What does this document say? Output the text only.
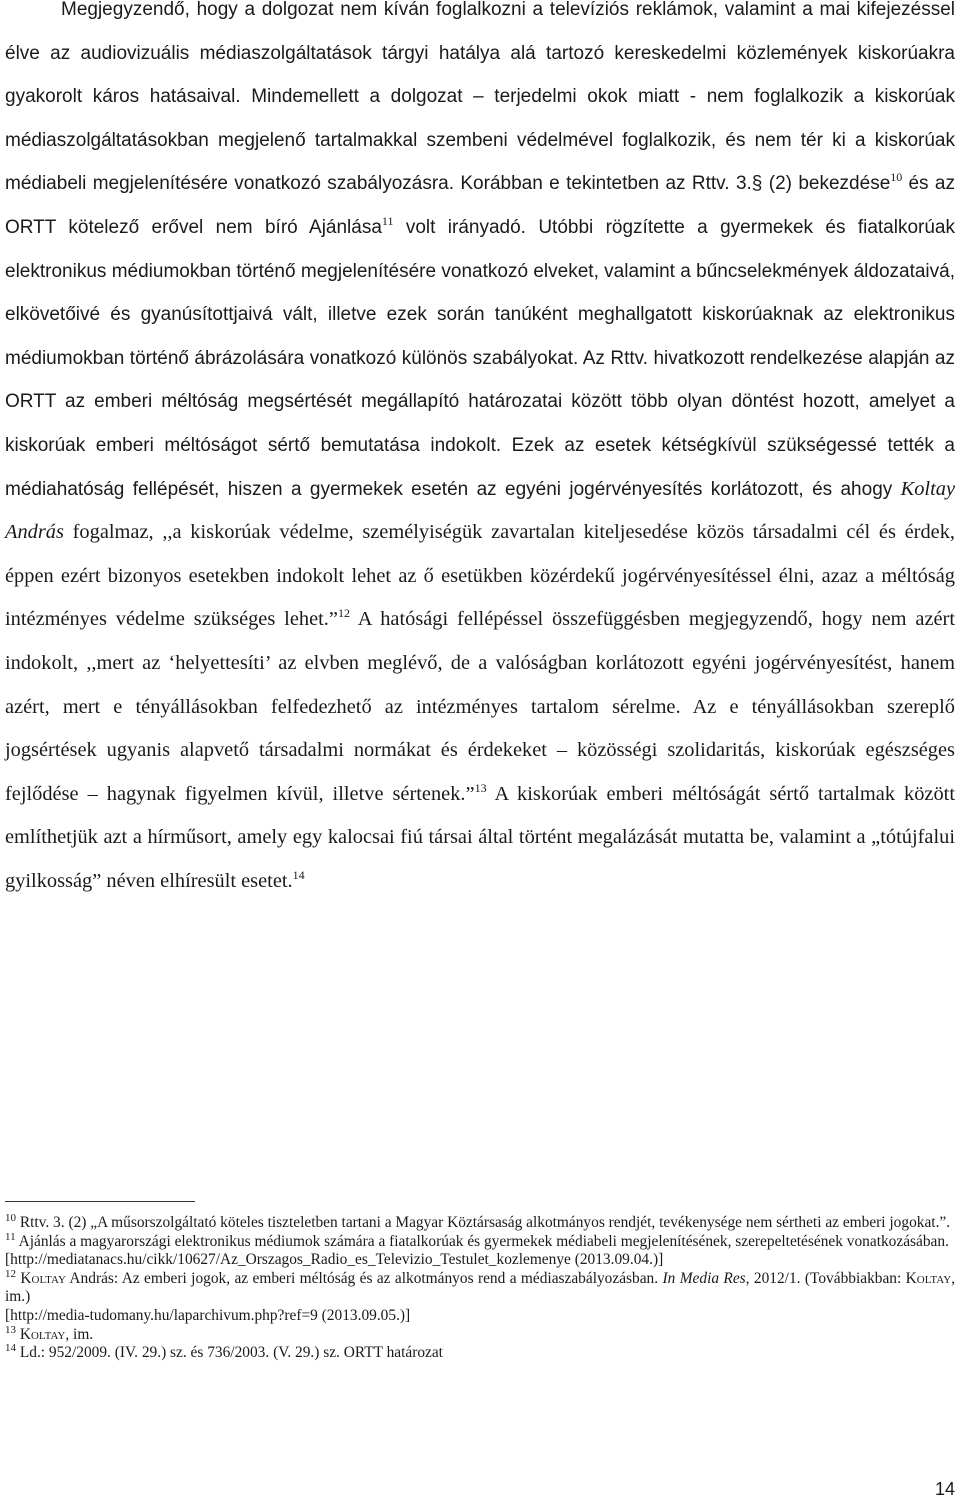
Megjegyzendő, hogy a dolgozat nem kíván foglalkozni a televíziós reklámok, valamint a mai kifejezéssel élve az audiovizuális médiaszolgáltatások tárgyi hatálya alá tartozó kereskedelmi közlemények kiskorúakra gyakorolt káros hatásaival. Mindemellett a dolgozat – terjedelmi okok miatt - nem foglalkozik a kiskorúak médiaszolgáltatásokban megjelenő tartalmakkal szembeni védelmével foglalkozik, és nem tér ki a kiskorúak médiabeli megjelenítésére vonatkozó szabályozásra. Korábban e tekintetben az Rttv. 3.§ (2) bekezdése$^{10}$ és az ORTT kötelező erővel nem bíró Ajánlása$^{11}$ volt irányadó. Utóbbi rögzítette a gyermekek és fiatalkorúak elektronikus médiumokban történő megjelenítésére vonatkozó elveket, valamint a bűncselekmények áldozataivá, elkövetőivé és gyanúsítottjaivá vált, illetve ezek során tanúként meghallgatott kiskorúaknak az elektronikus médiumokban történő ábrázolására vonatkozó különös szabályokat. Az Rttv. hivatkozott rendelkezése alapján az ORTT az emberi méltóság megsértését megállapító határozatai között több olyan döntést hozott, amelyet a kiskorúak emberi méltóságot sértő bemutatása indokolt. Ezek az esetek kétségkívül szükségessé tették a médiahatóság fellépését, hiszen a gyermekek esetén az egyéni jogérvényesítés korlátozott, és ahogy Koltay András fogalmaz, ,,a kiskorúak védelme, személyiségük zavartalan kiteljesedése közös társadalmi cél és érdek, éppen ezért bizonyos esetekben indokolt lehet az ő esetükben közérdekű jogérvényesítéssel élni, azaz a méltóság intézményes védelme szükséges lehet.”$^{12}$ A hatósági fellépéssel összefüggésben megjegyzendő, hogy nem azért indokolt, ,,mert az ‘helyettesíti’ az elvben meglévő, de a valóságban korlátozott egyéni jogérvényesítést, hanem azért, mert e tényállásokban felfedezhető az intézményes tartalom sérelme. Az e tényállásokban szereplő jogsértések ugyanis alapvető társadalmi normákat és érdekeket – közösségi szolidaritás, kiskorúak egészséges fejlődése – hagynak figyelmen kívül, illetve sértenek.”$^{13}$ A kiskorúak emberi méltóságát sértő tartalmak között említhetjük azt a hírműsort, amely egy kalocsai fiú társai által történt megalázását mutatta be, valamint a „tótújfalui gyilkosság” néven elhíresült esetet.$^{14}$

$^{10}$ Rttv. 3. (2) „A műsorszolgáltató köteles tiszteletben tartani a Magyar Köztársaság alkotmányos rendjét, tevékenysége nem sértheti az emberi jogokat.”.

$^{11}$ Ajánlás a magyarországi elektronikus médiumok számára a fiatalkorúak és gyermekek médiabeli megjelenítésének, szerepeltetésének vonatkozásában.
[http://mediatanacs.hu/cikk/10627/Az_Orszagos_Radio_es_Televizio_Testulet_kozlemenye (2013.09.04.)]

$^{12}$ Koltay András: Az emberi jogok, az emberi méltóság és az alkotmányos rend a médiaszabályozásban. In Media Res, 2012/1. (Továbbiakban: Koltay, im.)
[http://media-tudomany.hu/laparchivum.php?ref=9 (2013.09.05.)]

$^{13}$ Koltay, im.

$^{14}$ Ld.: 952/2009. (IV. 29.) sz. és 736/2003. (V. 29.) sz. ORTT határozat

14
